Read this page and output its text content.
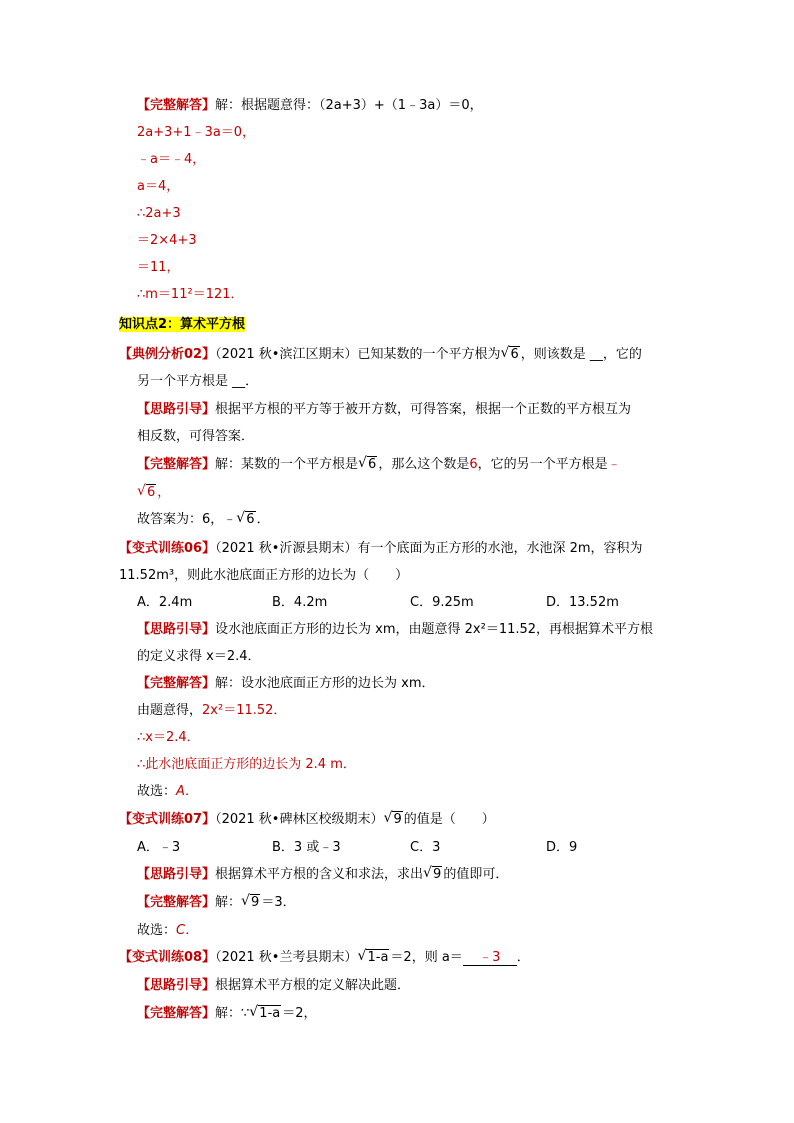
【完整解答】解：根据题意得：（2a+3）+（1﹣3a）＝0，
2a+3+1﹣3a＝0，
﹣a＝﹣4，
a＝4，
∴2a+3
＝2×4+3
＝11，
∴m＝11²＝121．
知识点2：算术平方根
【典例分析02】（2021 秋•滨江区期末）已知某数的一个平方根为 √ 6 ，则该数是 __，它的
另一个平方根是 __．
【思路引导】根据平方根的平方等于被开方数，可得答案，根据一个正数的平方根互为
相反数，可得答案．
【完整解答】解：某数的一个平方根是 √ 6 ，那么这个数是6，它的另一个平方根是﹣
√ 6 ，
故答案为：6，﹣ √ 6 ．
【变式训练06】（2021 秋•沂源县期末）有一个底面为正方形的水池，水池深 2m，容积为
11.52m³，则此水池底面正方形的边长为（　　）
A．2.4m	B．4.2m	C．9.25m	D．13.52m
【思路引导】设水池底面正方形的边长为 xm，由题意得 2x²＝11.52，再根据算术平方根
的定义求得 x＝2.4．
【完整解答】解：设水池底面正方形的边长为 xm．
由题意得，2x²＝11.52．
∴x＝2.4．
∴此水池底面正方形的边长为 2.4 m．
故选：A．
【变式训练07】（2021 秋•碑林区校级期末） √ 9 的值是（　　）
A．﹣3	B．3 或﹣3	C．3	D．9
【思路引导】根据算术平方根的含义和求法，求出 √ 9 的值即可．
【完整解答】解： √ 9 ＝3．
故选：C．
【变式训练08】（2021 秋•兰考县期末） √ 1-a ＝2，则 a＝ ﹣3 ．
【思路引导】根据算术平方根的定义解决此题．
【完整解答】解：∵ √ 1-a ＝2，
